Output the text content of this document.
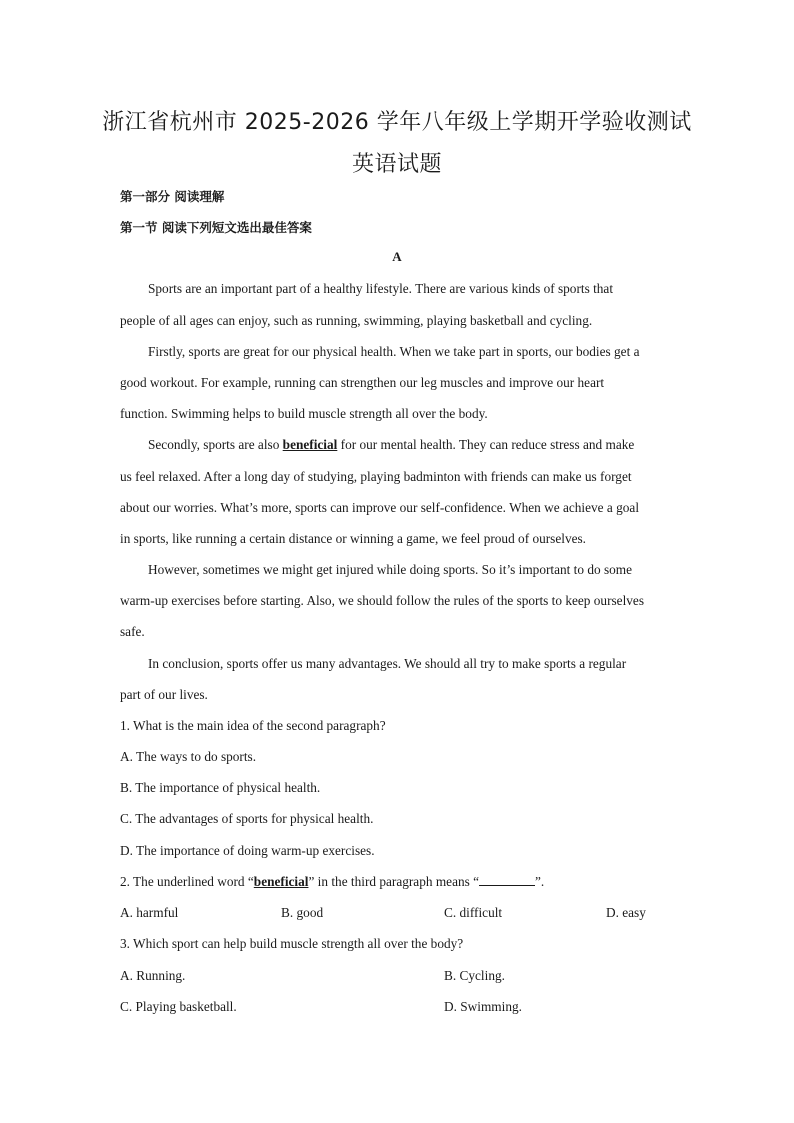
浙江省杭州市 2025-2026 学年八年级上学期开学验收测试
英语试题
第一部分 阅读理解
第一节 阅读下列短文选出最佳答案
A
Sports are an important part of a healthy lifestyle. There are various kinds of sports that
people of all ages can enjoy, such as running, swimming, playing basketball and cycling.
Firstly, sports are great for our physical health. When we take part in sports, our bodies get a
good workout. For example, running can strengthen our leg muscles and improve our heart
function. Swimming helps to build muscle strength all over the body.
Secondly, sports are also beneficial for our mental health. They can reduce stress and make
us feel relaxed. After a long day of studying, playing badminton with friends can make us forget
about our worries. What’s more, sports can improve our self-confidence. When we achieve a goal
in sports, like running a certain distance or winning a game, we feel proud of ourselves.
However, sometimes we might get injured while doing sports. So it’s important to do some
warm-up exercises before starting. Also, we should follow the rules of the sports to keep ourselves
safe.
In conclusion, sports offer us many advantages. We should all try to make sports a regular
part of our lives.
1. What is the main idea of the second paragraph?
A. The ways to do sports.
B. The importance of physical health.
C. The advantages of sports for physical health.
D. The importance of doing warm-up exercises.
2. The underlined word “beneficial” in the third paragraph means “	”.
A. harmful	B. good	C. difficult	D. easy
3. Which sport can help build muscle strength all over the body?
A. Running.	B. Cycling.
C. Playing basketball.	D. Swimming.
